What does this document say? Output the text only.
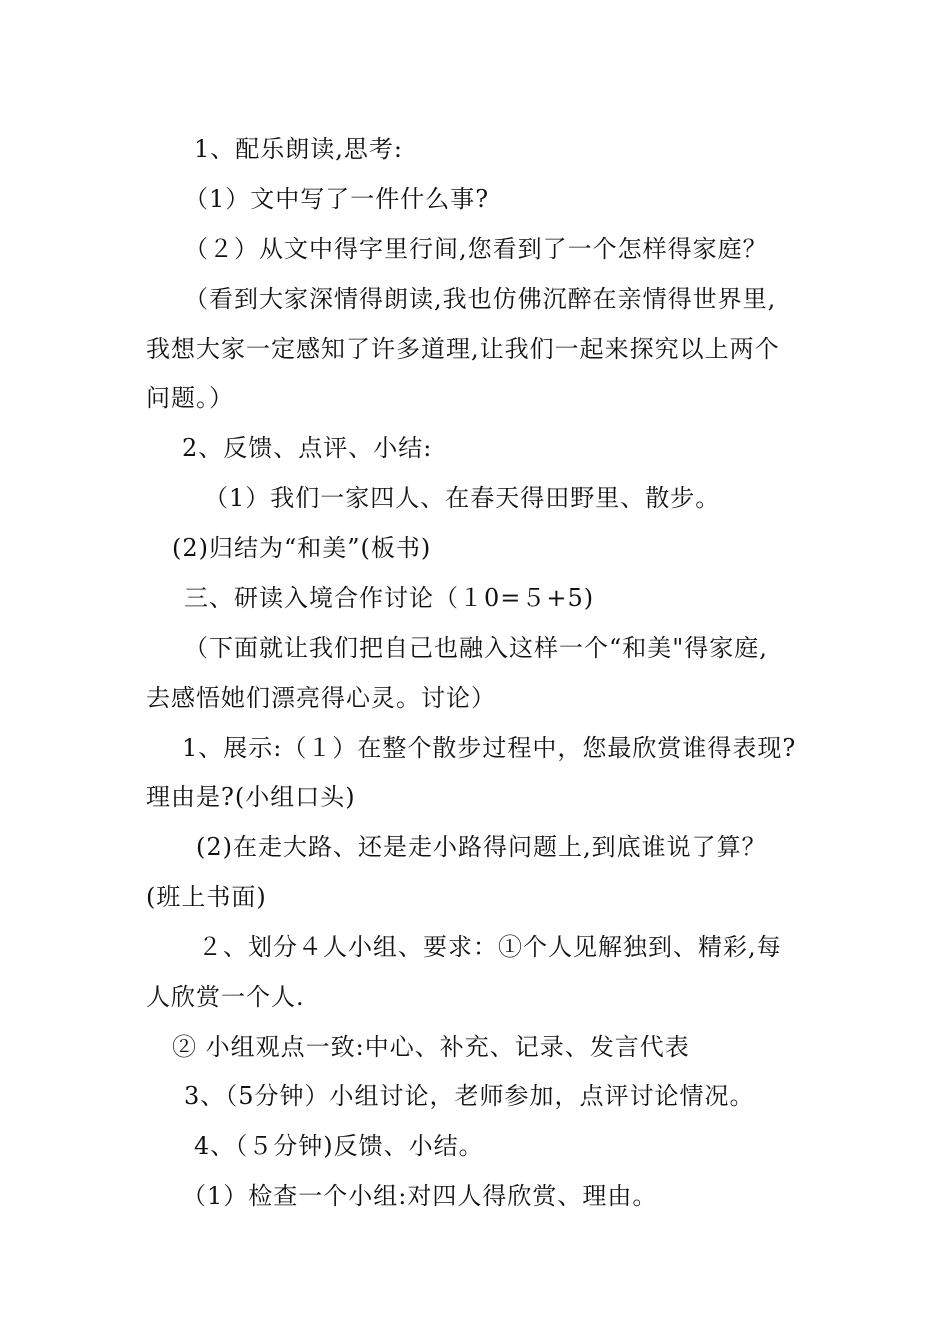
1、配乐朗读,思考:
（1）文中写了一件什么事?
（２）从文中得字里行间,您看到了一个怎样得家庭？
（看到大家深情得朗读,我也仿佛沉醉在亲情得世界里,
我想大家一定感知了许多道理,让我们一起来探究以上两个
问题。）
2、反馈、点评、小结:
（1）我们一家四人、在春天得田野里、散步。
(2)归结为“和美”(板书)
三、研读入境合作讨论（１0=５+5)
（下面就让我们把自己也融入这样一个“和美"得家庭,
去感悟她们漂亮得心灵。讨论）
1、展示:（１）在整个散步过程中，您最欣赏谁得表现?
理由是?(小组口头)
(2)在走大路、还是走小路得问题上,到底谁说了算？
(班上书面)
２、划分４人小组、要求：①个人见解独到、精彩,每
人欣赏一个人.
② 小组观点一致:中心、补充、记录、发言代表
3、（5分钟）小组讨论，老师参加，点评讨论情况。
4、（５分钟)反馈、小结。
（1）检查一个小组:对四人得欣赏、理由。
